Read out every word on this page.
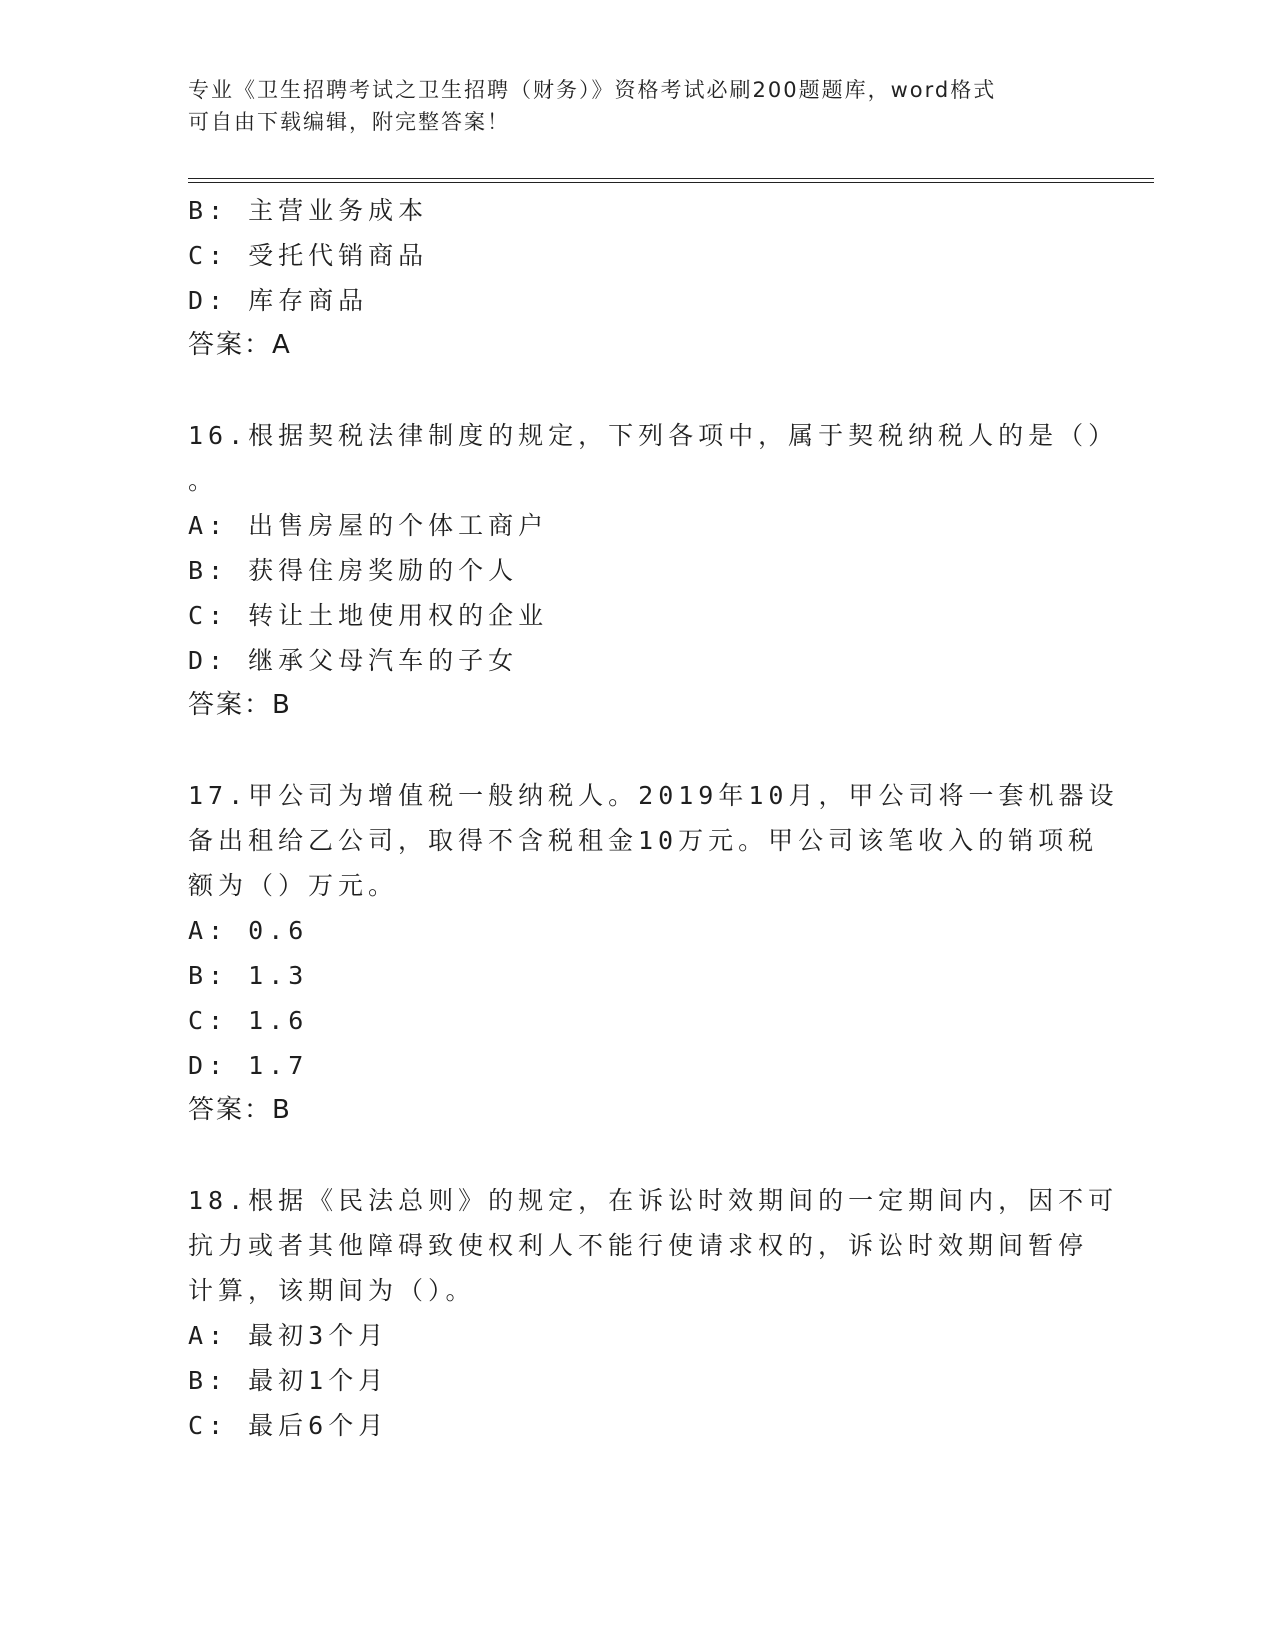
专业《卫生招聘考试之卫生招聘（财务）》资格考试必刷200题题库，word格式
可自由下载编辑，附完整答案！
B: 主营业务成本
C: 受托代销商品
D: 库存商品
答案：A
16.根据契税法律制度的规定，下列各项中，属于契税纳税人的是（）
。
A: 出售房屋的个体工商户
B: 获得住房奖励的个人
C: 转让土地使用权的企业
D: 继承父母汽车的子女
答案：B
17.甲公司为增值税一般纳税人。2019年10月，甲公司将一套机器设
备出租给乙公司，取得不含税租金10万元。甲公司该笔收入的销项税
额为（）万元。
A: 0.6
B: 1.3
C: 1.6
D: 1.7
答案：B
18.根据《民法总则》的规定，在诉讼时效期间的一定期间内，因不可
抗力或者其他障碍致使权利人不能行使请求权的，诉讼时效期间暂停
计算，该期间为（）。
A: 最初3个月
B: 最初1个月
C: 最后6个月
